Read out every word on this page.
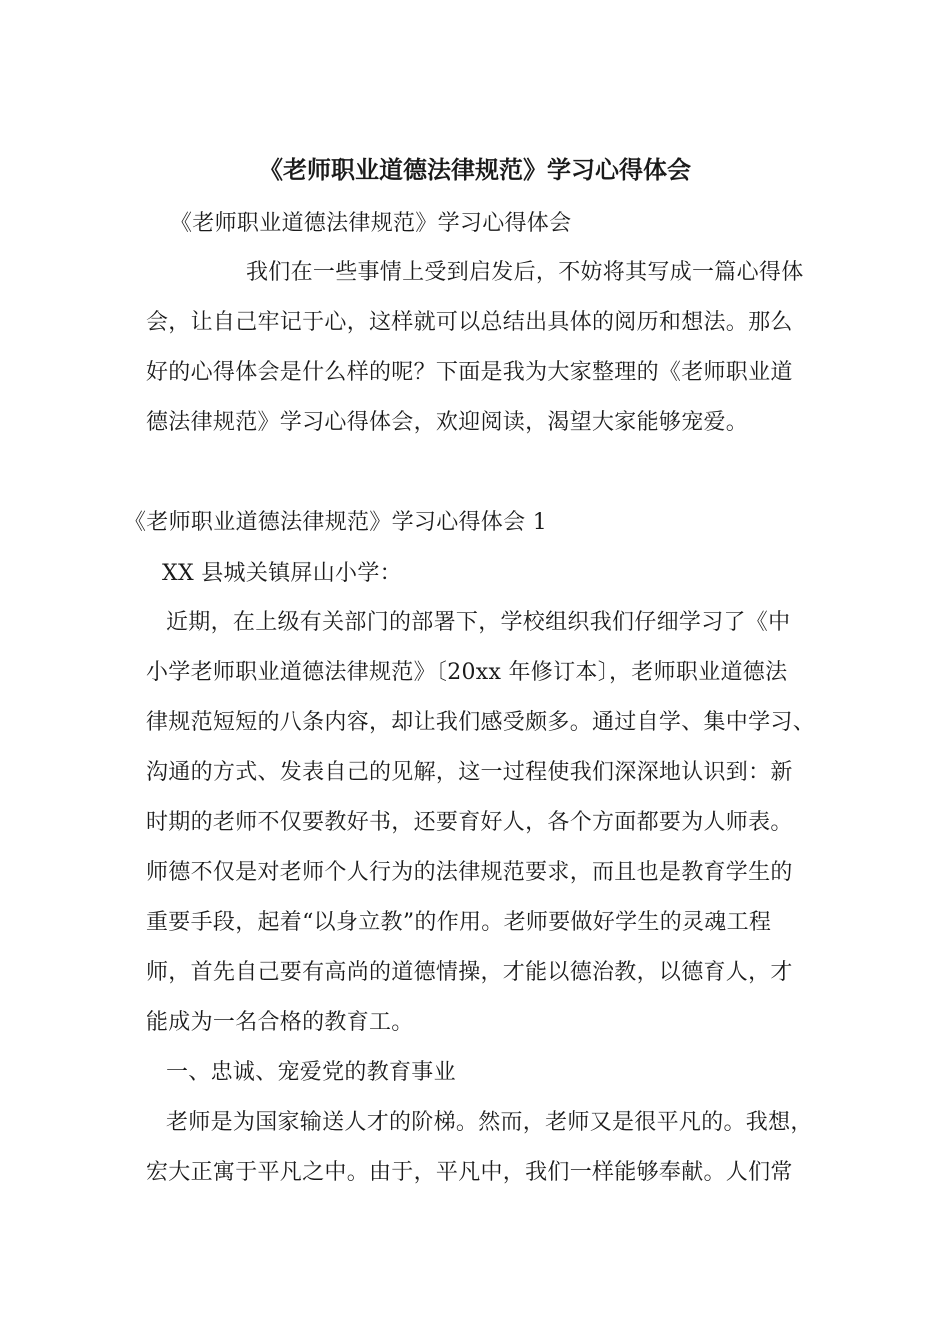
《老师职业道德法律规范》学习心得体会
《老师职业道德法律规范》学习心得体会
我们在一些事情上受到启发后，不妨将其写成一篇心得体
会，让自己牢记于心，这样就可以总结出具体的阅历和想法。那么
好的心得体会是什么样的呢？下面是我为大家整理的《老师职业道
德法律规范》学习心得体会，欢迎阅读，渴望大家能够宠爱。
《老师职业道德法律规范》学习心得体会 1
XX 县城关镇屏山小学：
近期，在上级有关部门的部署下，学校组织我们仔细学习了《中
小学老师职业道德法律规范》〔20xx 年修订本〕，老师职业道德法
律规范短短的八条内容，却让我们感受颇多。通过自学、集中学习、
沟通的方式、发表自己的见解，这一过程使我们深深地认识到：新
时期的老师不仅要教好书，还要育好人，各个方面都要为人师表。
师德不仅是对老师个人行为的法律规范要求，而且也是教育学生的
重要手段，起着“以身立教”的作用。老师要做好学生的灵魂工程
师，首先自己要有高尚的道德情操，才能以德治教，以德育人，才
能成为一名合格的教育工。
一、忠诚、宠爱党的教育事业
老师是为国家输送人才的阶梯。然而，老师又是很平凡的。我想，
宏大正寓于平凡之中。由于，平凡中，我们一样能够奉献。人们常
